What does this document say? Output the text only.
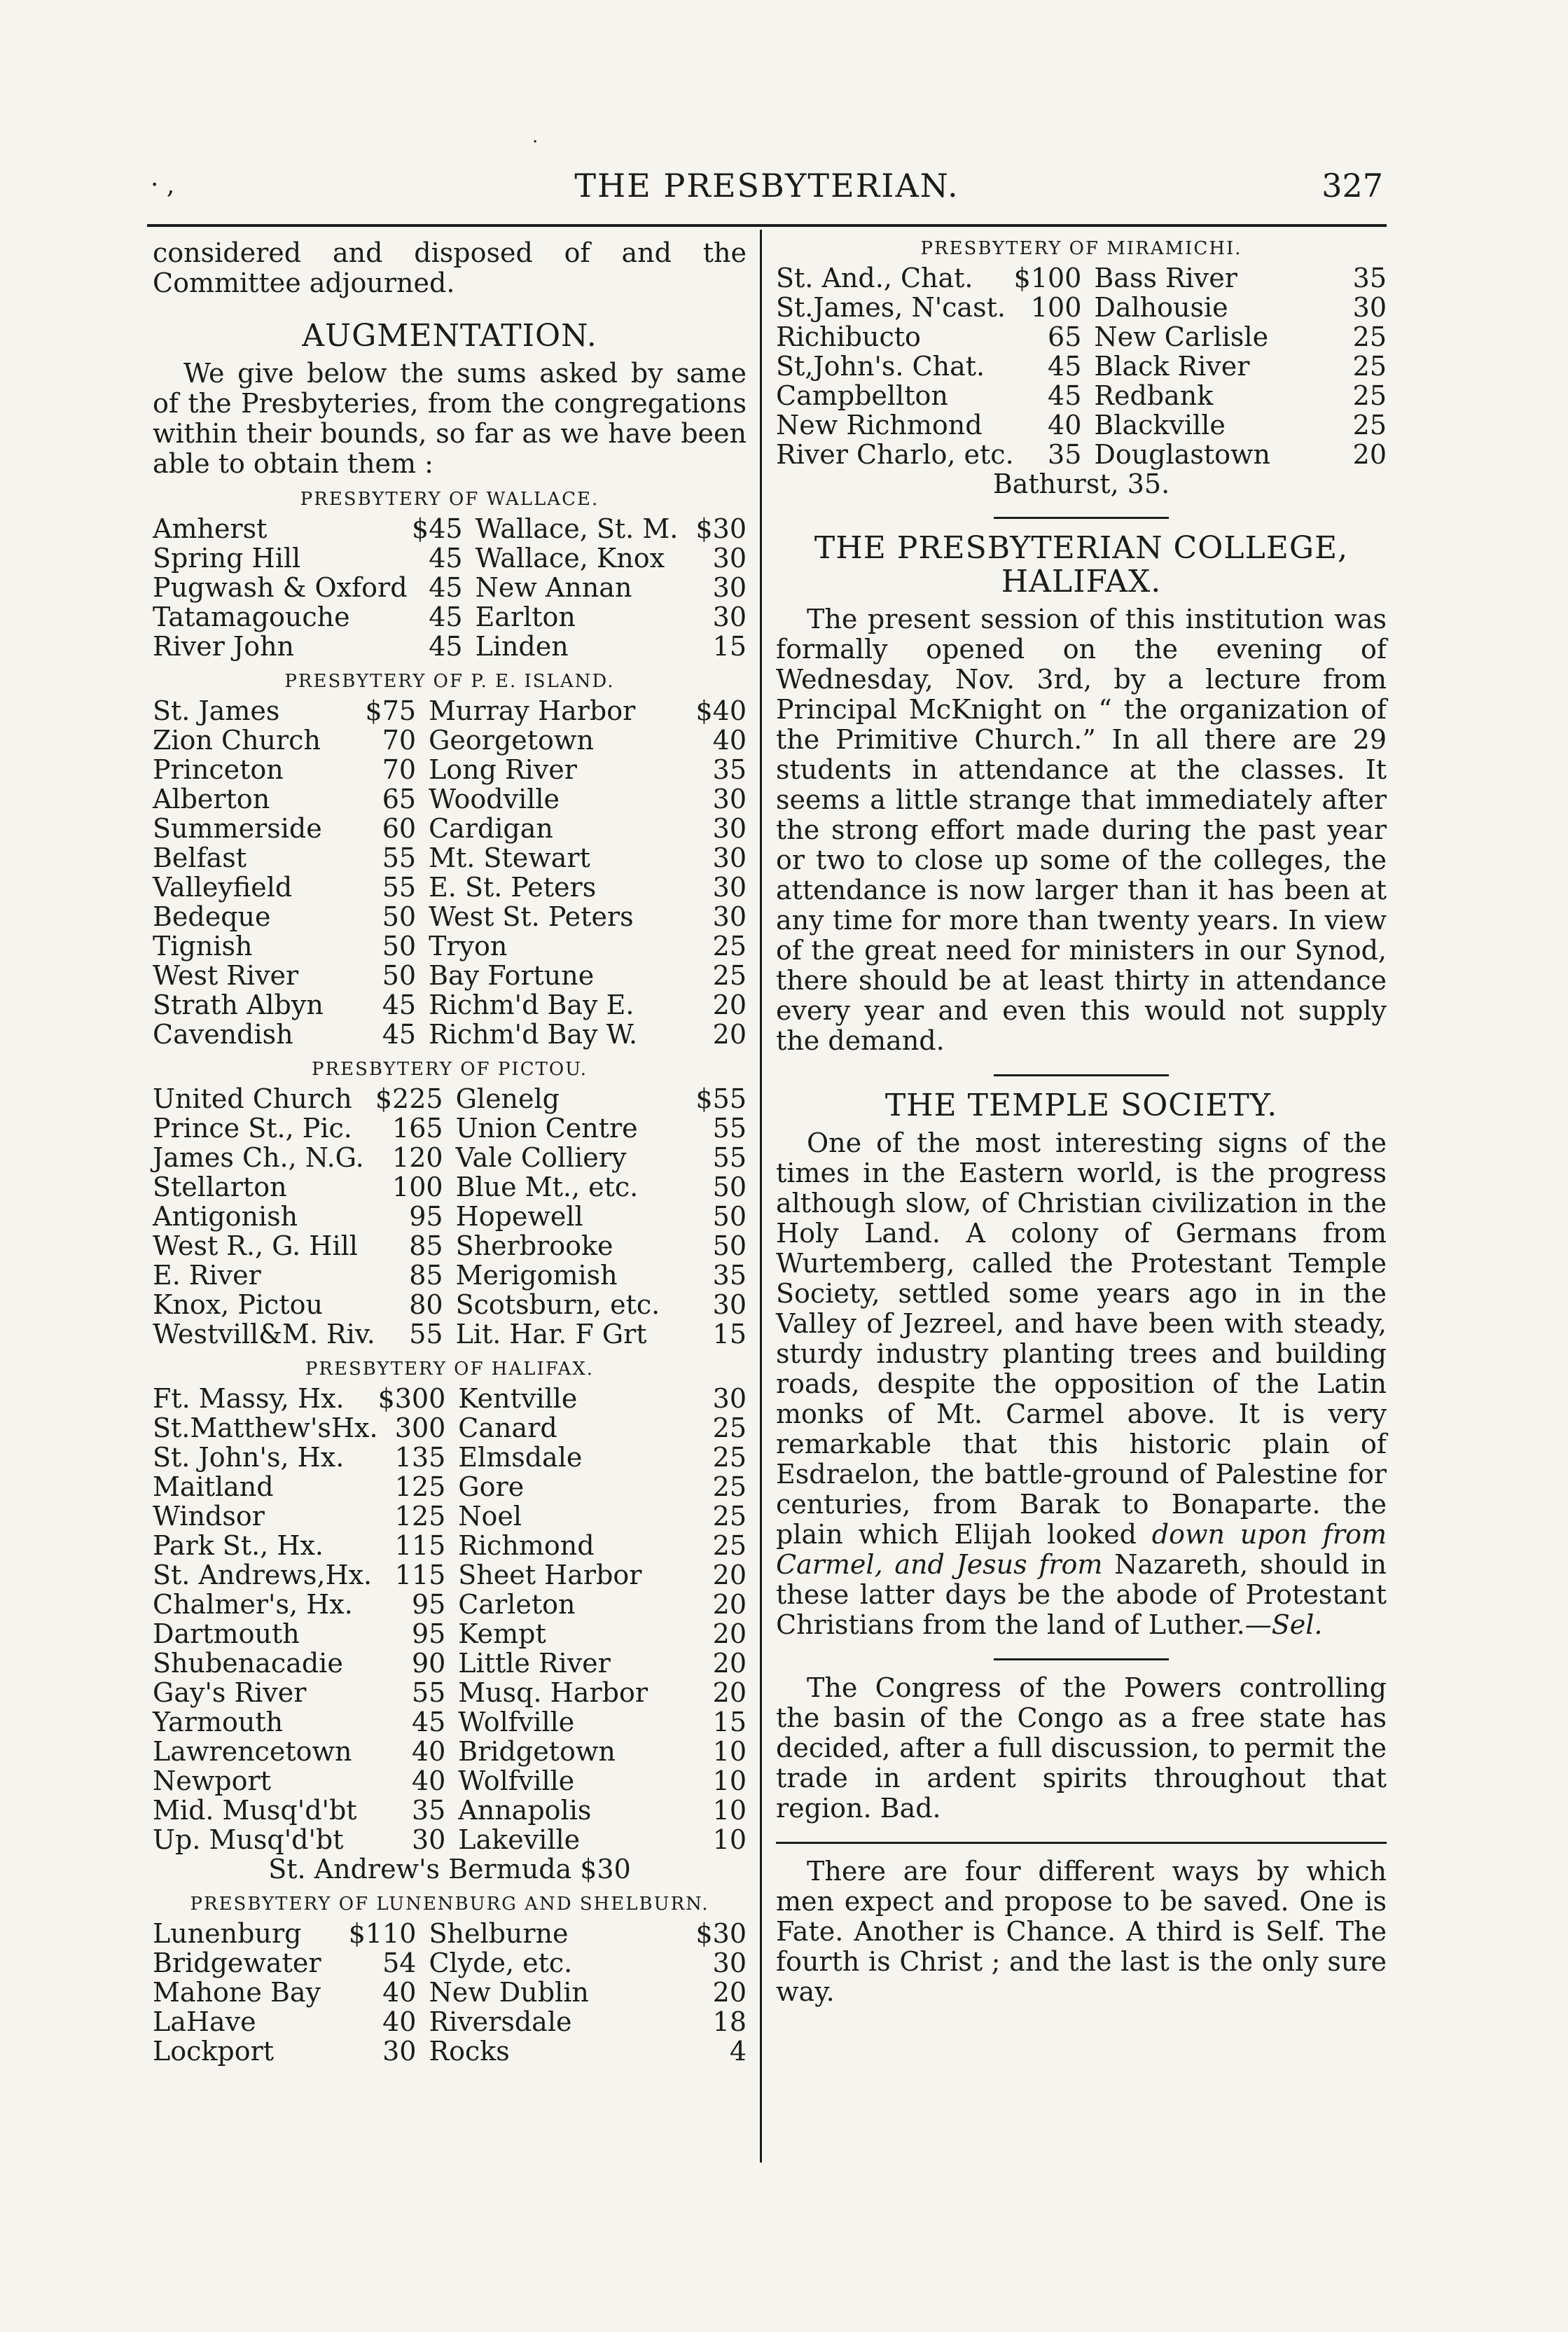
·
· ,	THE PRESBYTERIAN.	327

considered and disposed of and the Committee adjourned.

AUGMENTATION.

We give below the sums asked by same of the Presbyteries, from the congregations within their bounds, so far as we have been able to obtain them :

PRESBYTERY OF WALLACE.
Amherst	$45	Wallace, St. M.	$30
Spring Hill	45	Wallace, Knox	30
Pugwash & Oxford	45	New Annan	30
Tatamagouche	45	Earlton	30
River John	45	Linden	15
PRESBYTERY OF P. E. ISLAND.
St. James	$75	Murray Harbor	$40
Zion Church	70	Georgetown	40
Princeton	70	Long River	35
Alberton	65	Woodville	30
Summerside	60	Cardigan	30
Belfast	55	Mt. Stewart	30
Valleyfield	55	E. St. Peters	30
Bedeque	50	West St. Peters	30
Tignish	50	Tryon	25
West River	50	Bay Fortune	25
Strath Albyn	45	Richm'd Bay E.	20
Cavendish	45	Richm'd Bay W.	20
PRESBYTERY OF PICTOU.
United Church	$225	Glenelg	$55
Prince St., Pic.	165	Union Centre	55
James Ch., N.G.	120	Vale Colliery	55
Stellarton	100	Blue Mt., etc.	50
Antigonish	95	Hopewell	50
West R., G. Hill	85	Sherbrooke	50
E. River	85	Merigomish	35
Knox, Pictou	80	Scotsburn, etc.	30
Westvill&M. Riv.	55	Lit. Har. F Grt	15
PRESBYTERY OF HALIFAX.
Ft. Massy, Hx.	$300	Kentville	30
St.Matthew'sHx.	300	Canard	25
St. John's, Hx.	135	Elmsdale	25
Maitland	125	Gore	25
Windsor	125	Noel	25
Park St., Hx.	115	Richmond	25
St. Andrews,Hx.	115	Sheet Harbor	20
Chalmer's, Hx.	95	Carleton	20
Dartmouth	95	Kempt	20
Shubenacadie	90	Little River	20
Gay's River	55	Musq. Harbor	20
Yarmouth	45	Wolfville	15
Lawrencetown	40	Bridgetown	10
Newport	40	Wolfville	10
Mid. Musq'd'bt	35	Annapolis	10
Up. Musq'd'bt	30	Lakeville	10
St. Andrew's Bermuda $30
PRESBYTERY OF LUNENBURG AND SHELBURN.
Lunenburg	$110	Shelburne	$30
Bridgewater	54	Clyde, etc.	30
Mahone Bay	40	New Dublin	20
LaHave	40	Riversdale	18
Lockport	30	Rocks	4
PRESBYTERY OF MIRAMICHI.
St. And., Chat.	$100	Bass River	35
St.James, N'cast.	100	Dalhousie	30
Richibucto	65	New Carlisle	25
St,John's. Chat.	45	Black River	25
Campbellton	45	Redbank	25
New Richmond	40	Blackville	25
River Charlo, etc.	35	Douglastown	20
Bathurst, 35.
THE PRESBYTERIAN COLLEGE, HALIFAX.

The present session of this institution was formally opened on the evening of Wednesday, Nov. 3rd, by a lecture from Principal McKnight on “ the organization of the Primitive Church.” In all there are 29 students in attendance at the classes. It seems a little strange that immediately after the strong effort made during the past year or two to close up some of the colleges, the attendance is now larger than it has been at any time for more than twenty years. In view of the great need for ministers in our Synod, there should be at least thirty in attendance every year and even this would not supply the demand.

THE TEMPLE SOCIETY.

One of the most interesting signs of the times in the Eastern world, is the progress although slow, of Christian civilization in the Holy Land. A colony of Germans from Wurtemberg, called the Protestant Temple Society, settled some years ago in in the Valley of Jezreel, and have been with steady, sturdy industry planting trees and building roads, despite the opposition of the Latin monks of Mt. Carmel above. It is very remarkable that this historic plain of Esdraelon, the battle-ground of Palestine for centuries, from Barak to Bonaparte. the plain which Elijah looked down upon from Carmel, and Jesus from Nazareth, should in these latter days be the abode of Protestant Christians from the land of Luther.—Sel.

The Congress of the Powers controlling the basin of the Congo as a free state has decided, after a full discussion, to permit the trade in ardent spirits throughout that region. Bad.

There are four different ways by which men expect and propose to be saved. One is Fate. Another is Chance. A third is Self. The fourth is Christ ; and the last is the only sure way.
